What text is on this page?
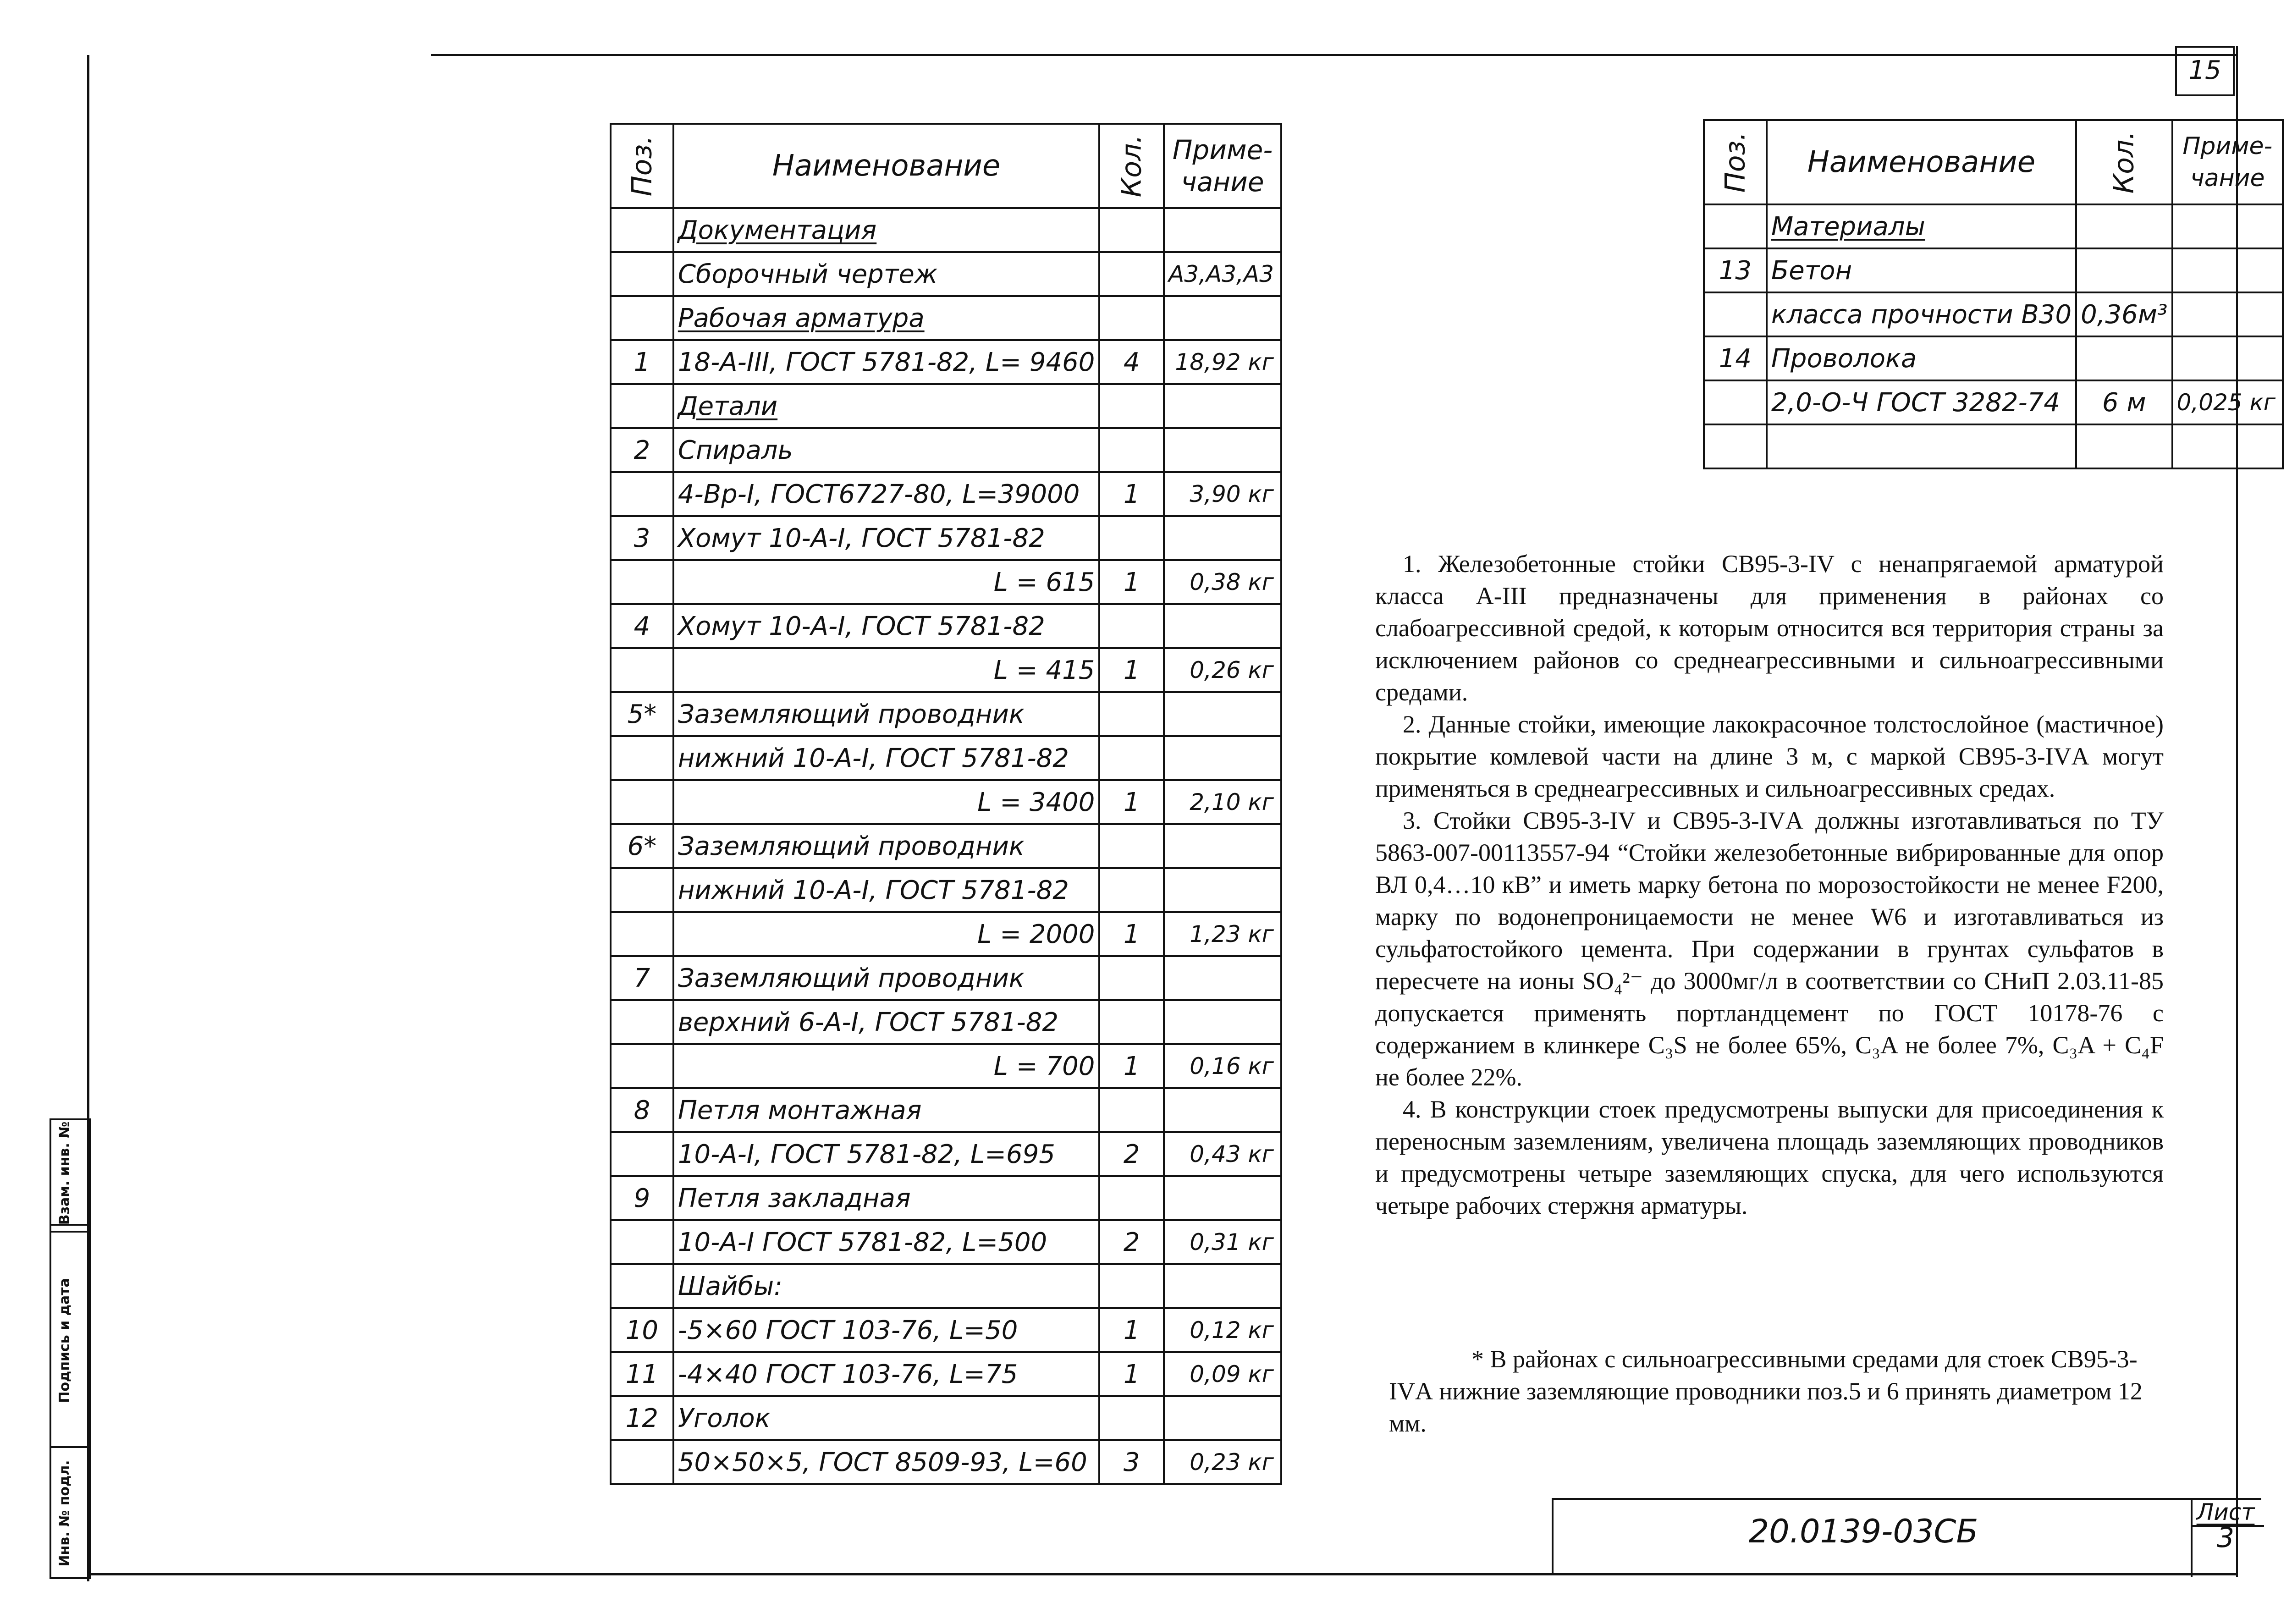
15
Взам. инв. №
Подпись и дата
Инв. № подл.
Поз.	Наименование	Кол.	Приме-
чание
	Документация		
	Сборочный чертеж		А3,А3,А3
	Рабочая арматура		
1	18-А-III, ГОСТ 5781-82, L= 9460	4	18,92 кг
	Детали		
2	Спираль		
	4-Вр-I, ГОСТ6727-80, L=39000	1	3,90 кг
3	Хомут 10-А-I, ГОСТ 5781-82		
	L = 615	1	0,38 кг
4	Хомут 10-А-I, ГОСТ 5781-82		
	L = 415	1	0,26 кг
5*	Заземляющий проводник		
	нижний 10-А-I, ГОСТ 5781-82		
	L = 3400	1	2,10 кг
6*	Заземляющий проводник		
	нижний 10-А-I, ГОСТ 5781-82		
	L = 2000	1	1,23 кг
7	Заземляющий проводник		
	верхний 6-А-I, ГОСТ 5781-82		
	L = 700	1	0,16 кг
8	Петля монтажная		
	10-А-I, ГОСТ 5781-82, L=695	2	0,43 кг
9	Петля закладная		
	10-А-I ГОСТ 5781-82, L=500	2	0,31 кг
	Шайбы:		
10	-5×60 ГОСТ 103-76, L=50	1	0,12 кг
11	-4×40 ГОСТ 103-76, L=75	1	0,09 кг
12	Уголок		
	50×50×5, ГОСТ 8509-93, L=60	3	0,23 кг
Поз.	Наименование	Кол.	Приме-
чание
	Материалы		
13	Бетон		
	класса прочности В30	0,36м³	
14	Проволока		
	2,0-О-Ч ГОСТ 3282-74	6 м	0,025 кг

1. Железобетонные стойки СВ95-3-IV с ненапрягаемой арматурой класса А-III предназначены для применения в районах со слабоагрессивной средой, к которым относится вся территория страны за исключением районов со среднеагрессивными и сильноагрессивными средами.

2. Данные стойки, имеющие лакокрасочное толстослойное (мастичное) покрытие комлевой части на длине 3 м, с маркой СВ95-3-IVА могут применяться в среднеагрессивных и сильноагрессивных средах.

3. Стойки СВ95-3-IV и СВ95-3-IVА должны изготавливаться по ТУ 5863-007-00113557-94 “Стойки железобетонные вибрированные для опор ВЛ 0,4…10 кВ” и иметь марку бетона по морозостойкости не менее F200, марку по водонепроницаемости не менее W6 и изготавливаться из сульфатостойкого цемента. При содержании в грунтах сульфатов в пересчете на ионы SO₄²⁻ до 3000мг/л в соответствии со СНиП 2.03.11-85 допускается применять портландцемент по ГОСТ 10178-76 с содержанием в клинкере C₃S не более 65%, C₃A не более 7%, C₃A + C₄F не более 22%.

4. В конструкции стоек предусмотрены выпуски для присоединения к переносным заземлениям, увеличена площадь заземляющих проводников и предусмотрены четыре заземляющих спуска, для чего используются четыре рабочих стержня арматуры.

* В районах с сильноагрессивными средами для стоек СВ95-3-IVА нижние заземляющие проводники поз.5 и 6 принять диаметром 12 мм.

20.0139-03СБ
Лист
3
